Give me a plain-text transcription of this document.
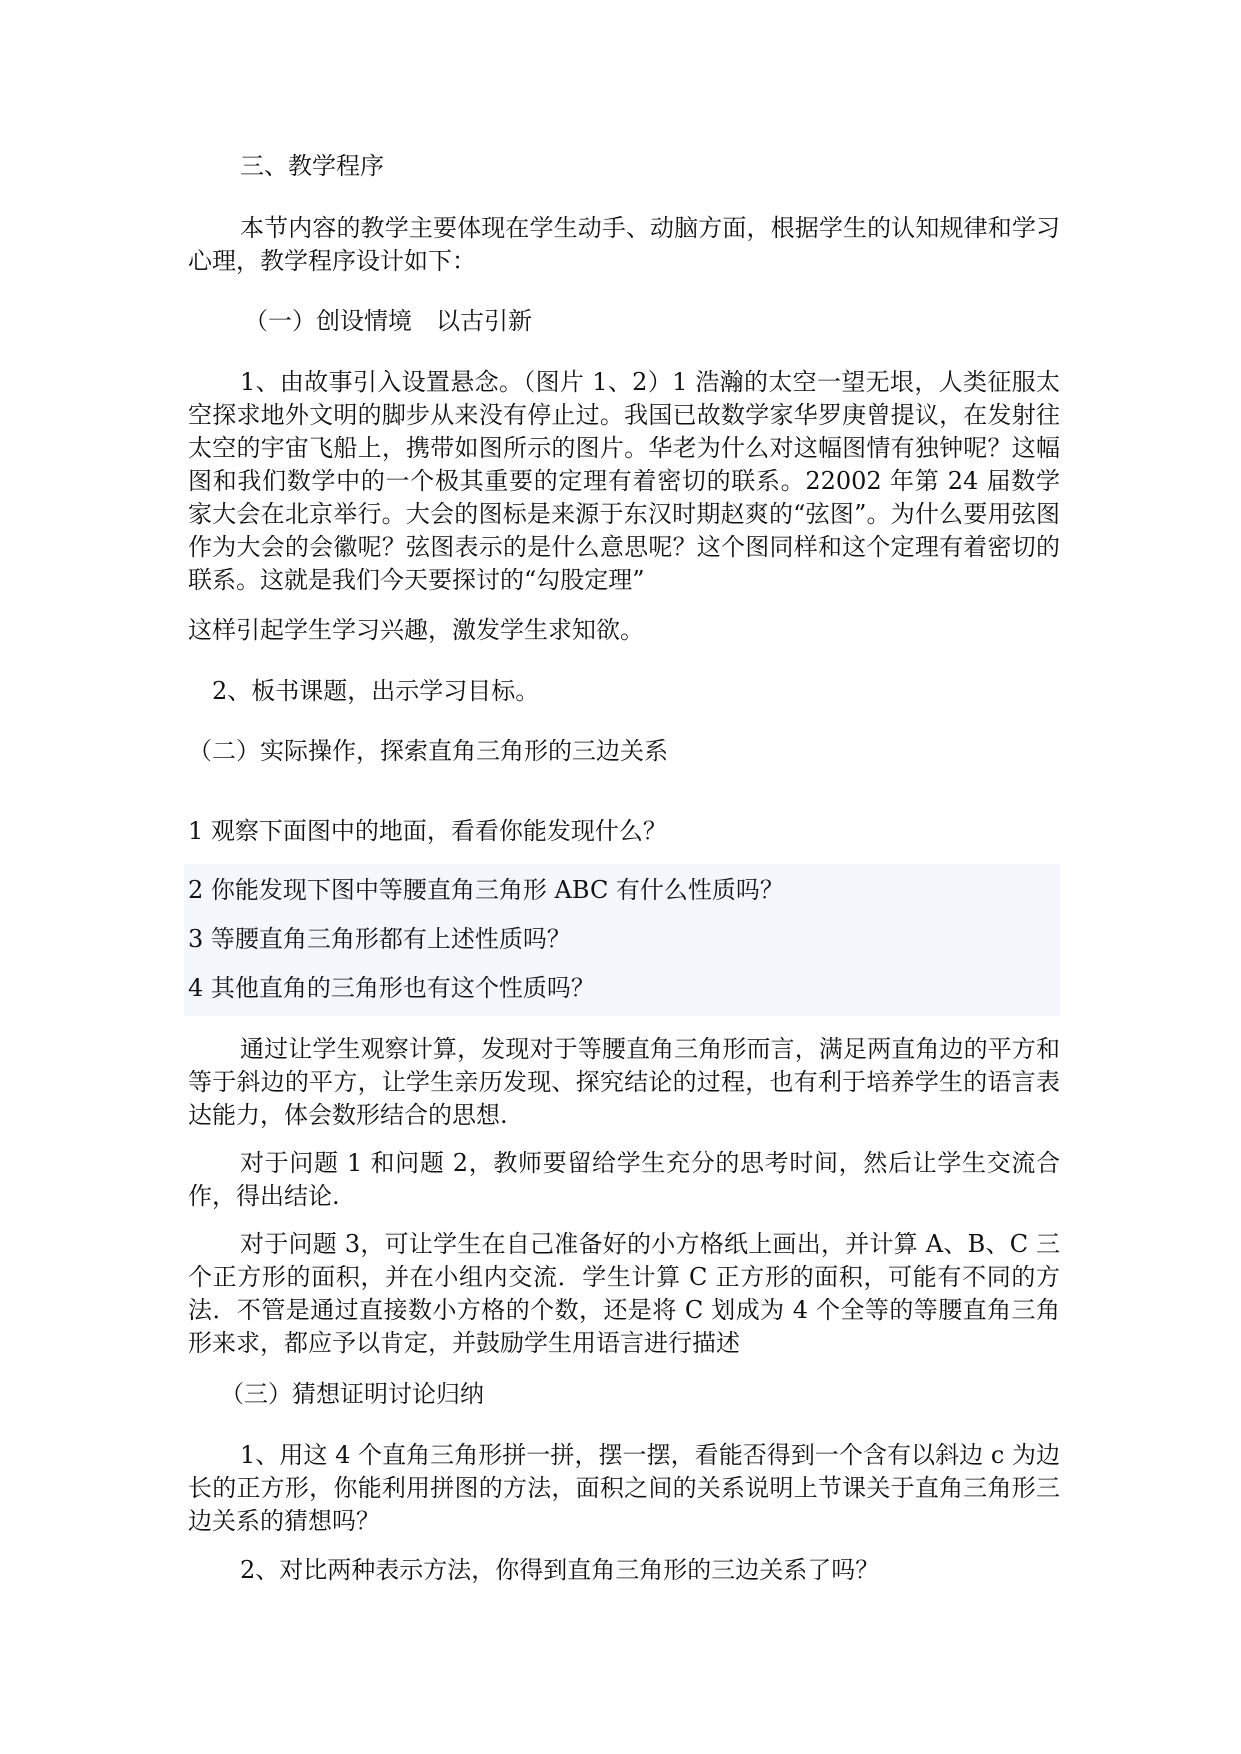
三、教学程序
本节内容的教学主要体现在学生动手、动脑方面，根据学生的认知规律和学习心理，教学程序设计如下：
（一）创设情境　以古引新
1、由故事引入设置悬念。（图片 1、2）1 浩瀚的太空一望无垠，人类征服太空探求地外文明的脚步从来没有停止过。我国已故数学家华罗庚曾提议，在发射往太空的宇宙飞船上，携带如图所示的图片。华老为什么对这幅图情有独钟呢？这幅图和我们数学中的一个极其重要的定理有着密切的联系。22002 年第 24 届数学家大会在北京举行。大会的图标是来源于东汉时期赵爽的“弦图”。为什么要用弦图作为大会的会徽呢？弦图表示的是什么意思呢？这个图同样和这个定理有着密切的联系。这就是我们今天要探讨的“勾股定理”
这样引起学生学习兴趣，激发学生求知欲。
2、板书课题，出示学习目标。
（二）实际操作，探索直角三角形的三边关系
1 观察下面图中的地面，看看你能发现什么？
2 你能发现下图中等腰直角三角形 ABC 有什么性质吗？
3 等腰直角三角形都有上述性质吗？
4 其他直角的三角形也有这个性质吗？
通过让学生观察计算，发现对于等腰直角三角形而言，满足两直角边的平方和等于斜边的平方，让学生亲历发现、探究结论的过程，也有利于培养学生的语言表达能力，体会数形结合的思想.
对于问题 1 和问题 2，教师要留给学生充分的思考时间，然后让学生交流合作，得出结论.
对于问题 3，可让学生在自己准备好的小方格纸上画出，并计算 A、B、C 三个正方形的面积，并在小组内交流．学生计算 C 正方形的面积，可能有不同的方法．不管是通过直接数小方格的个数，还是将 C 划成为 4 个全等的等腰直角三角形来求，都应予以肯定，并鼓励学生用语言进行描述
（三）猜想证明讨论归纳
1、用这 4 个直角三角形拼一拼，摆一摆，看能否得到一个含有以斜边 c 为边长的正方形，你能利用拼图的方法，面积之间的关系说明上节课关于直角三角形三边关系的猜想吗？
2、对比两种表示方法，你得到直角三角形的三边关系了吗？
